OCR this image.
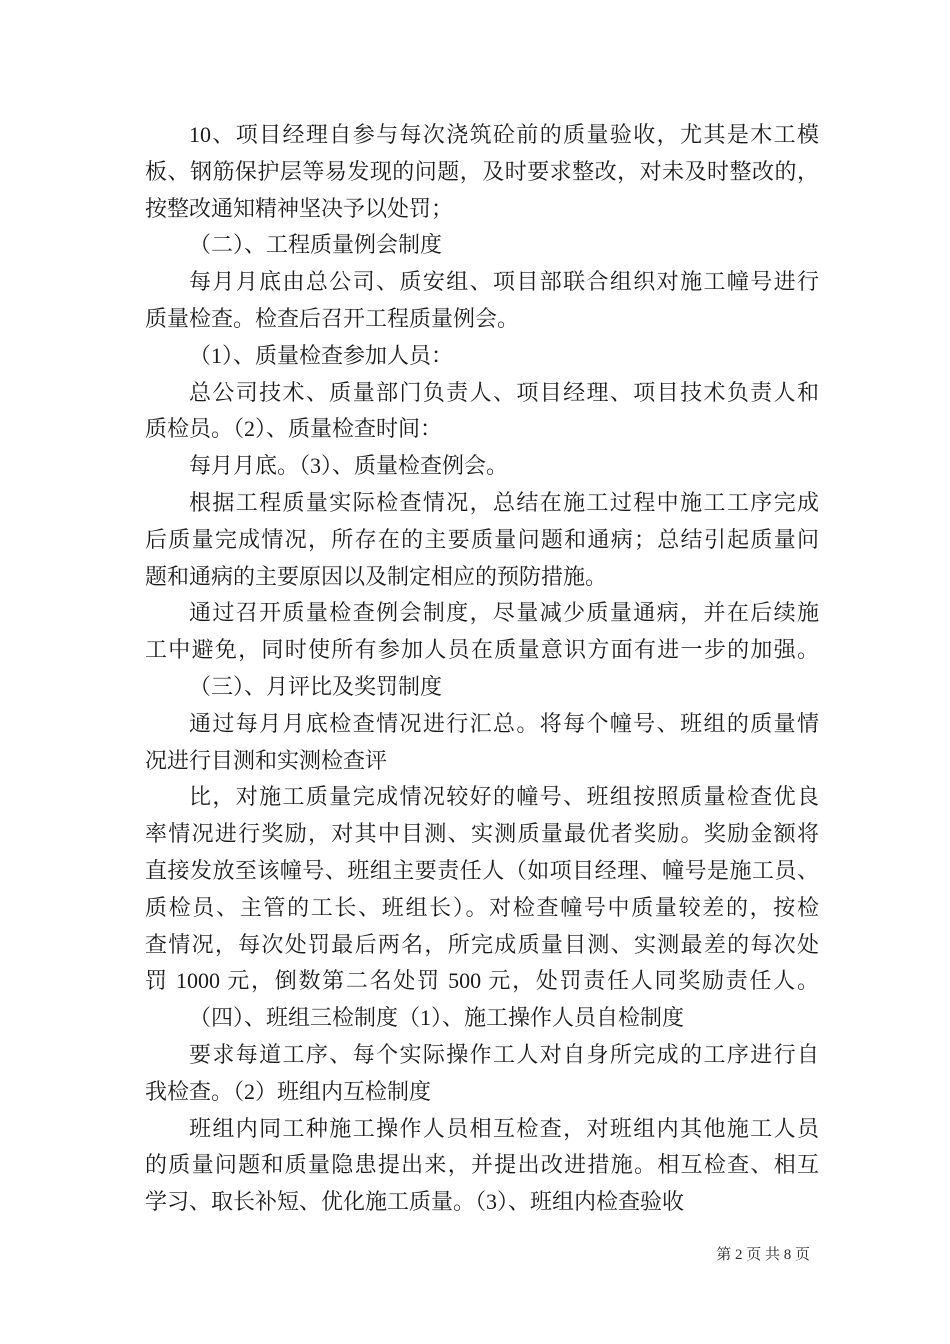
10、项目经理自参与每次浇筑砼前的质量验收，尤其是木工模
板、钢筋保护层等易发现的问题，及时要求整改，对未及时整改的，
按整改通知精神坚决予以处罚；
（二）、工程质量例会制度
每月月底由总公司、质安组、项目部联合组织对施工幢号进行
质量检查。检查后召开工程质量例会。
（1）、质量检查参加人员：
总公司技术、质量部门负责人、项目经理、项目技术负责人和
质检员。（2）、质量检查时间：
每月月底。（3）、质量检查例会。
根据工程质量实际检查情况，总结在施工过程中施工工序完成
后质量完成情况，所存在的主要质量问题和通病；总结引起质量问
题和通病的主要原因以及制定相应的预防措施。
通过召开质量检查例会制度，尽量减少质量通病，并在后续施
工中避免，同时使所有参加人员在质量意识方面有进一步的加强。
（三）、月评比及奖罚制度
通过每月月底检查情况进行汇总。将每个幢号、班组的质量情
况进行目测和实测检查评
比，对施工质量完成情况较好的幢号、班组按照质量检查优良
率情况进行奖励，对其中目测、实测质量最优者奖励。奖励金额将
直接发放至该幢号、班组主要责任人（如项目经理、幢号是施工员、
质检员、主管的工长、班组长）。对检查幢号中质量较差的，按检
查情况，每次处罚最后两名，所完成质量目测、实测最差的每次处
罚 1000 元，倒数第二名处罚 500 元，处罚责任人同奖励责任人。
（四）、班组三检制度（1）、施工操作人员自检制度
要求每道工序、每个实际操作工人对自身所完成的工序进行自
我检查。（2）班组内互检制度
班组内同工种施工操作人员相互检查，对班组内其他施工人员
的质量问题和质量隐患提出来，并提出改进措施。相互检查、相互
学习、取长补短、优化施工质量。（3）、班组内检查验收
第 2 页 共 8 页
